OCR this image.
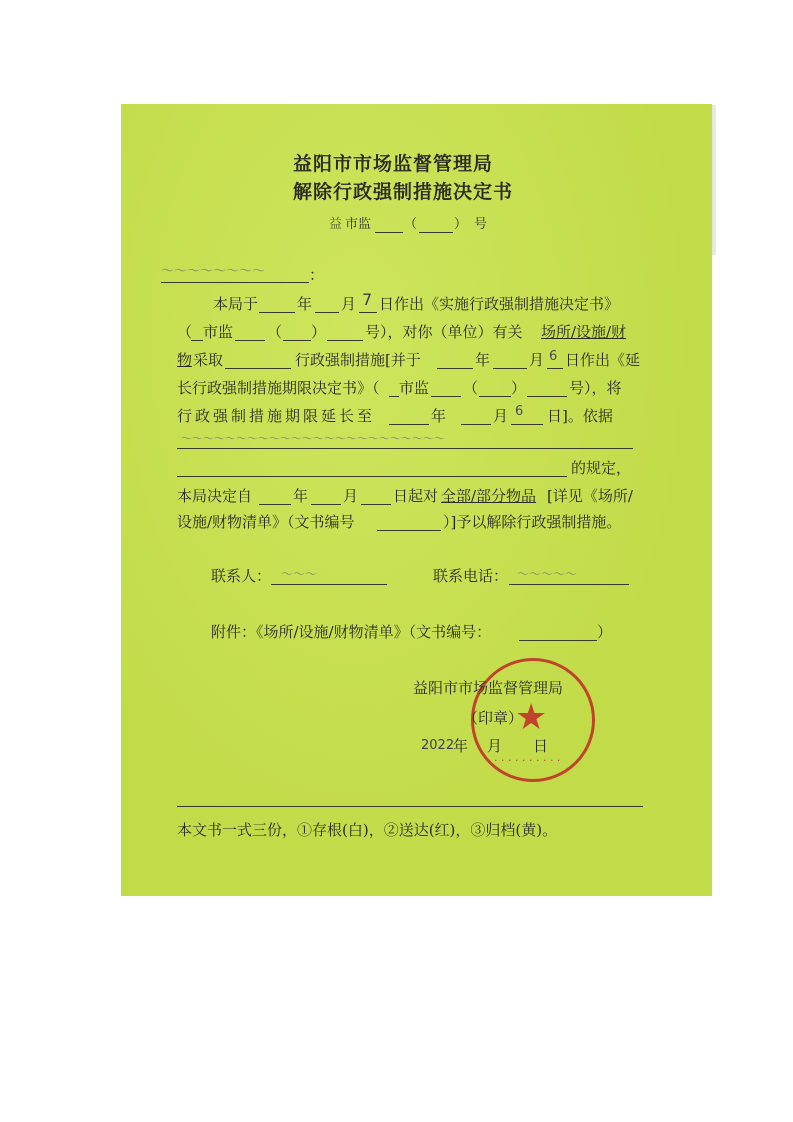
益阳市市场监督管理局
解除行政强制措施决定书
益 市监	（	） 号
〜〜〜〜〜〜〜〜	：
本局于	年 月 7 日作出《实施行政强制措施决定书》
（ 市监 （ ）	号），对你（单位）有关 场所/设施/财
物 采取	行政强制措施[并于	年	月 6 日作出《延
长行政强制措施期限决定书》（ 市监 （ ）	号），将
行政强制措施期限延长至	年	月 6 日]。依据
～～～～～～～～～～～～～～～～～～～～～～～～
的规定，
本局决定自	年 月 日起对 全部/部分物品 [详见《场所/
设施/财物清单》（文书编号	）]予以解除行政强制措施。
联系人： ～～～	联系电话： ～～～～～
附件：《场所/设施/财物清单》（文书编号：	）
★
· · · · · · · · · · ·
益阳市市场监督管理局
（印章）
2022
年 月 日
本文书一式三份，①存根(白)，②送达(红)，③归档(黄)。
